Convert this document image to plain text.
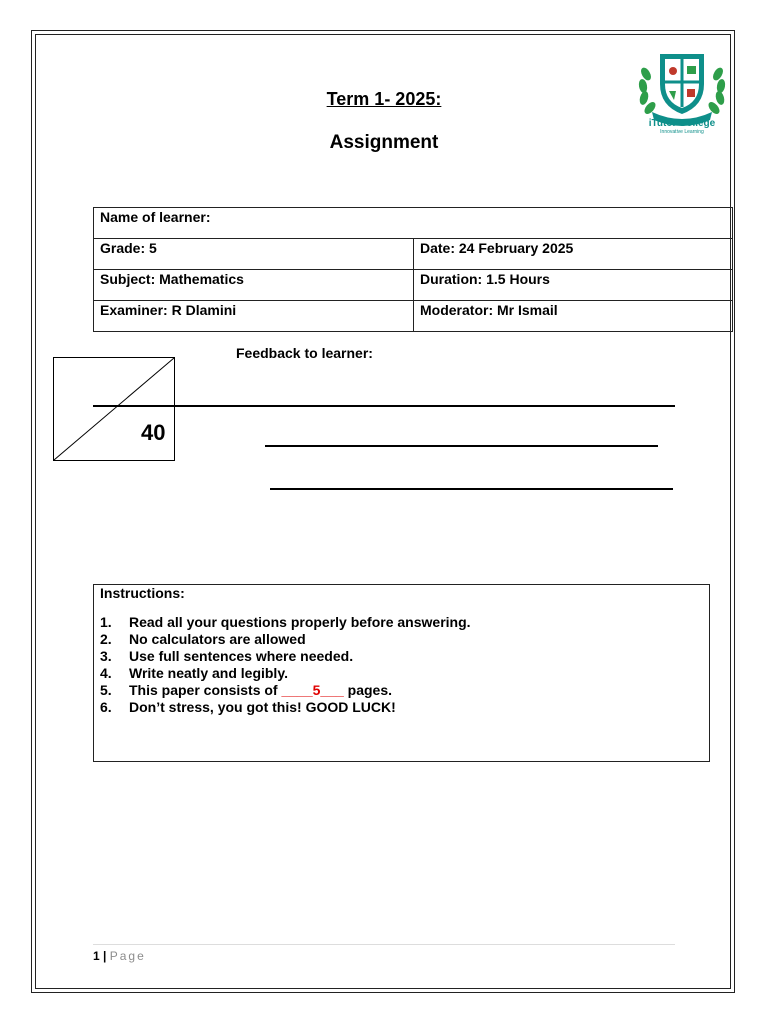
iTutor College
Innovative Learning
Term 1- 2025:
Assignment
Name of learner:	
Grade: 5	Date: 24 February 2025
Subject: Mathematics	Duration: 1.5 Hours
Examiner: R Dlamini	Moderator: Mr Ismail
40
Feedback to learner:
Instructions:
1.	Read all your questions properly before answering.
2.	No calculators are allowed
3.	Use full sentences where needed.
4.	Write neatly and legibly.
5.	This paper consists of ____5___ pages.
6.	Don’t stress, you got this! GOOD LUCK!
1 | Page
